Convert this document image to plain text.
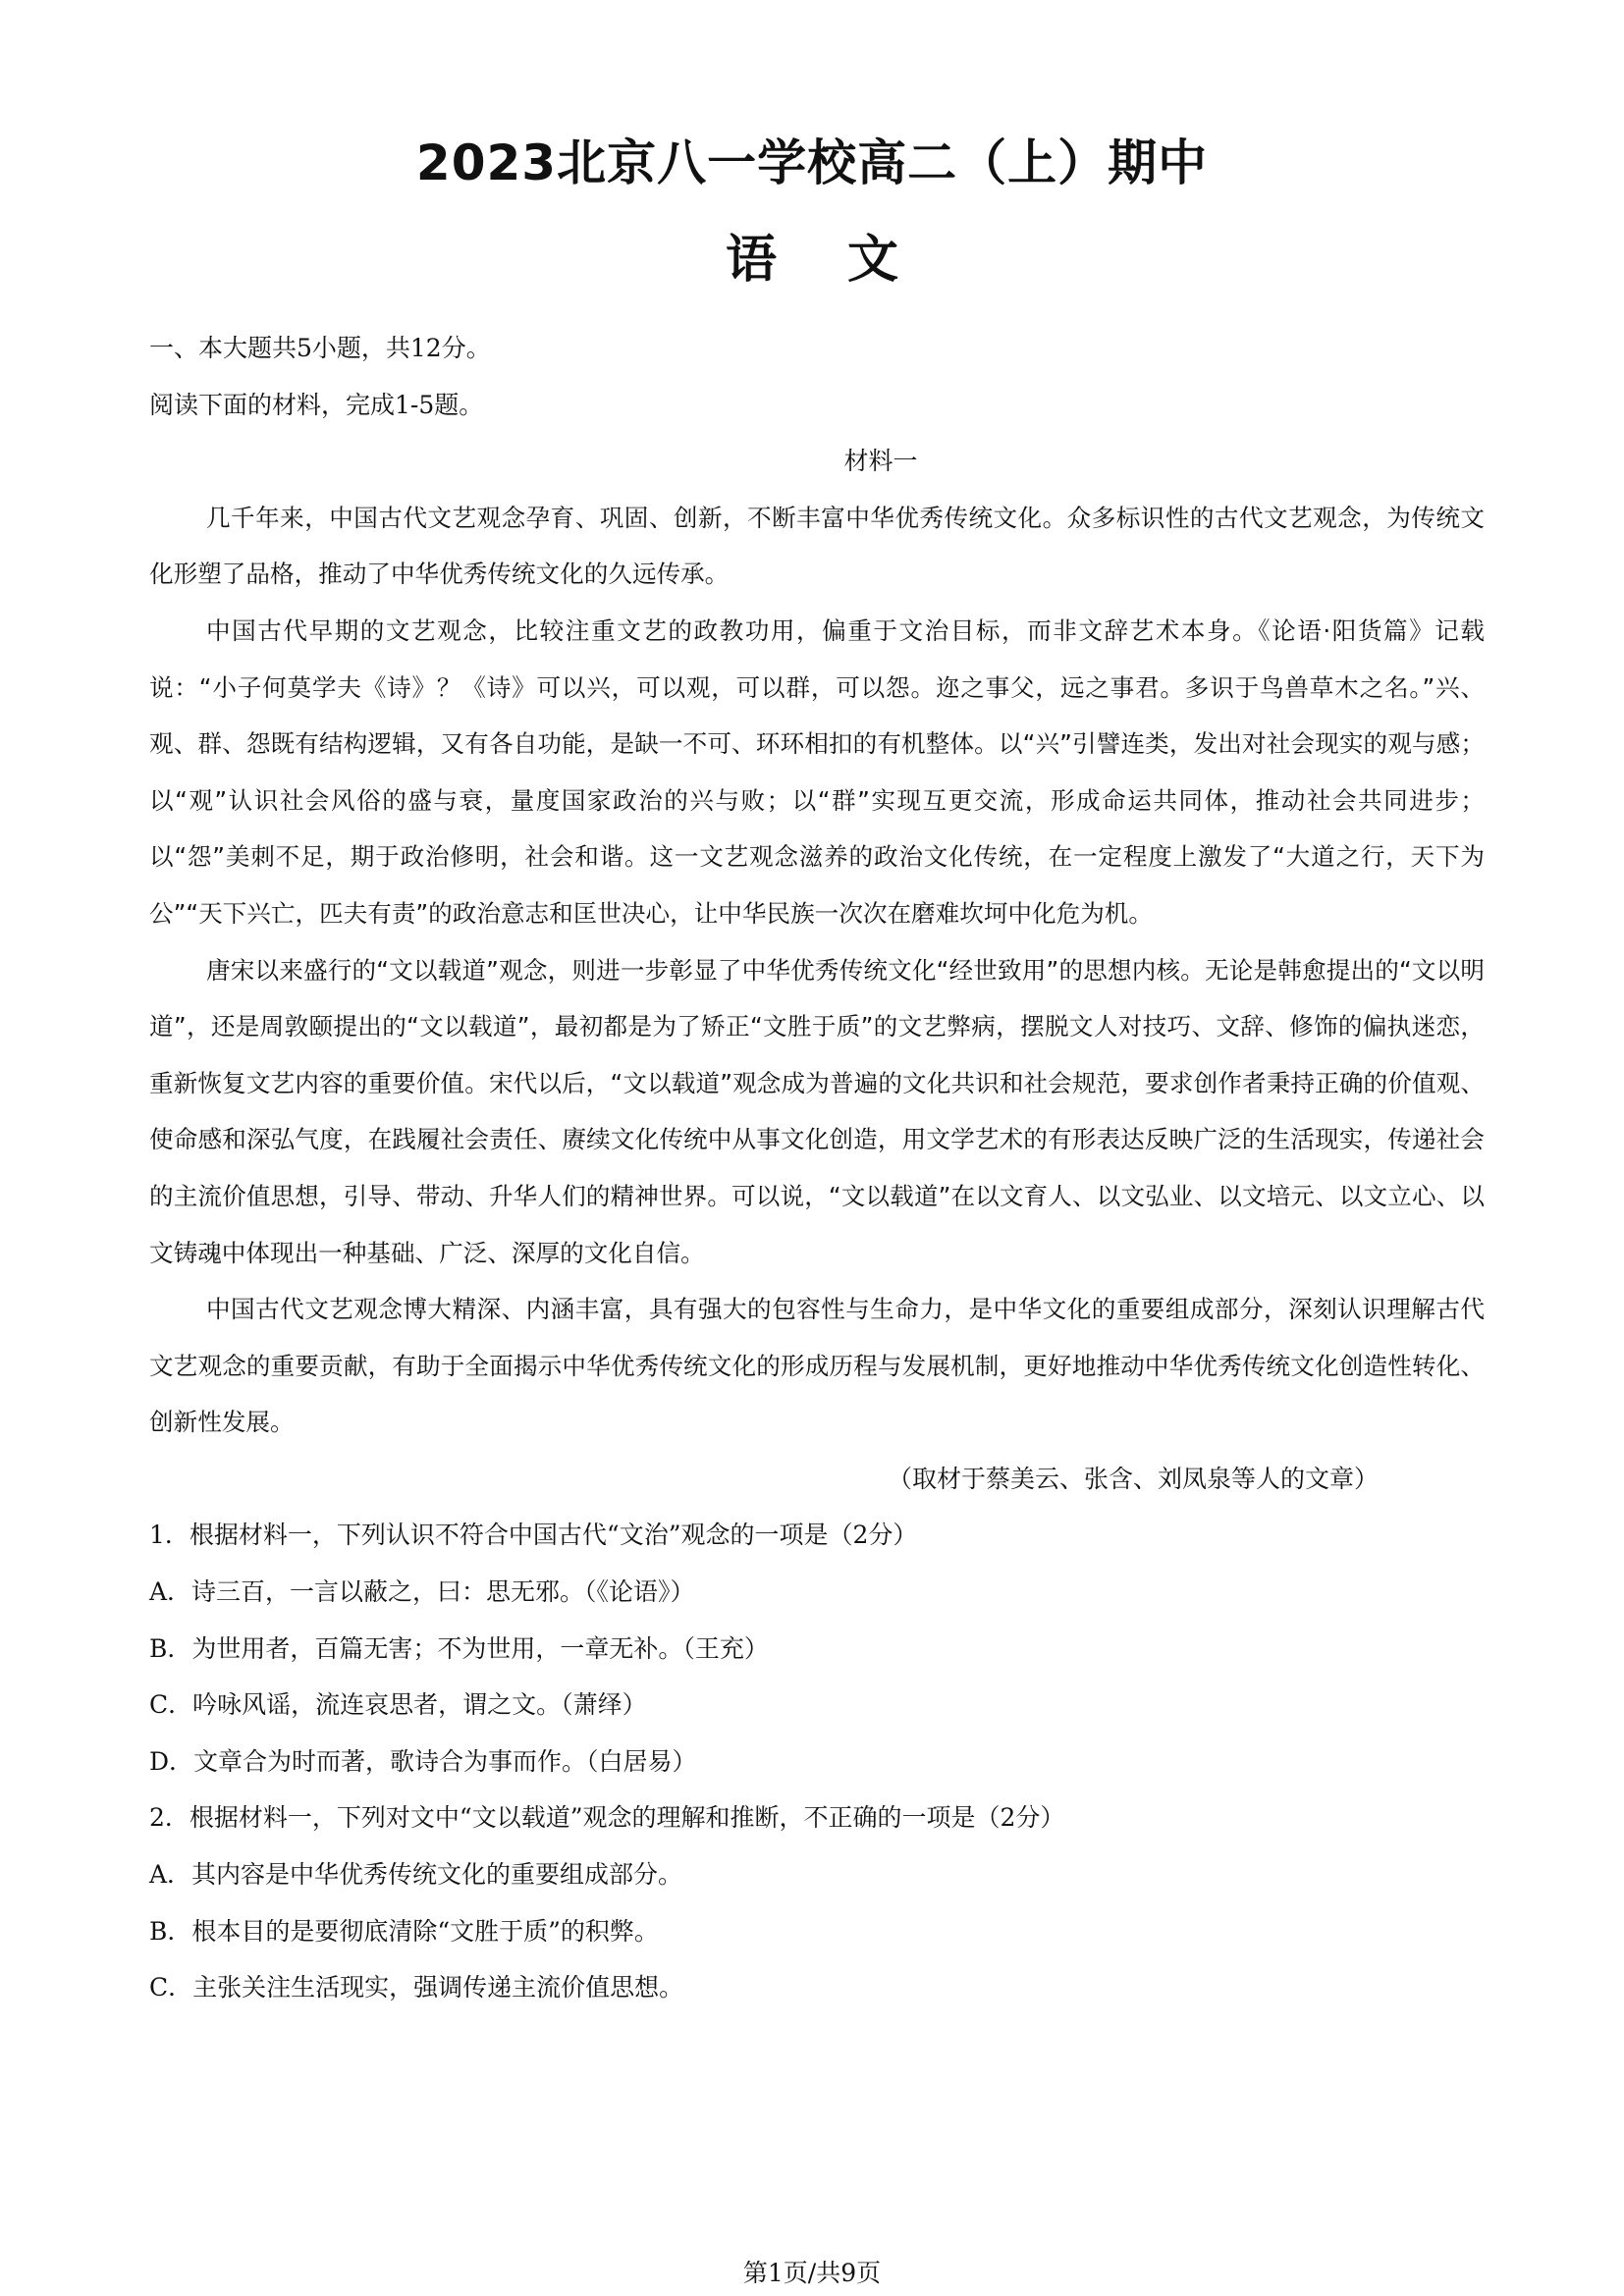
2023北京八一学校高二（上）期中
语文
一、本大题共5小题，共12分。
阅读下面的材料，完成1-5题。
材料一
几千年来，中国古代文艺观念孕育、巩固、创新，不断丰富中华优秀传统文化。众多标识性的古代文艺观念，为传统文化形塑了品格，推动了中华优秀传统文化的久远传承。
中国古代早期的文艺观念，比较注重文艺的政教功用，偏重于文治目标，而非文辞艺术本身。《论语·阳货篇》记载说：“小子何莫学夫《诗》？《诗》可以兴，可以观，可以群，可以怨。迩之事父，远之事君。多识于鸟兽草木之名。”兴、观、群、怨既有结构逻辑，又有各自功能，是缺一不可、环环相扣的有机整体。以“兴”引譬连类，发出对社会现实的观与感；以“观”认识社会风俗的盛与衰，量度国家政治的兴与败；以“群”实现互更交流，形成命运共同体，推动社会共同进步；以“怨”美刺不足，期于政治修明，社会和谐。这一文艺观念滋养的政治文化传统，在一定程度上激发了“大道之行，天下为公”“天下兴亡，匹夫有责”的政治意志和匡世决心，让中华民族一次次在磨难坎坷中化危为机。
唐宋以来盛行的“文以载道”观念，则进一步彰显了中华优秀传统文化“经世致用”的思想内核。无论是韩愈提出的“文以明道”，还是周敦颐提出的“文以载道”，最初都是为了矫正“文胜于质”的文艺弊病，摆脱文人对技巧、文辞、修饰的偏执迷恋，重新恢复文艺内容的重要价值。宋代以后，“文以载道”观念成为普遍的文化共识和社会规范，要求创作者秉持正确的价值观、使命感和深弘气度，在践履社会责任、赓续文化传统中从事文化创造，用文学艺术的有形表达反映广泛的生活现实，传递社会的主流价值思想，引导、带动、升华人们的精神世界。可以说，“文以载道”在以文育人、以文弘业、以文培元、以文立心、以文铸魂中体现出一种基础、广泛、深厚的文化自信。
中国古代文艺观念博大精深、内涵丰富，具有强大的包容性与生命力，是中华文化的重要组成部分，深刻认识理解古代文艺观念的重要贡献，有助于全面揭示中华优秀传统文化的形成历程与发展机制，更好地推动中华优秀传统文化创造性转化、创新性发展。
（取材于蔡美云、张含、刘凤泉等人的文章）
1．根据材料一，下列认识不符合中国古代“文治”观念的一项是（2分）
A．诗三百，一言以蔽之，曰：思无邪。（《论语》）
B．为世用者，百篇无害；不为世用，一章无补。（王充）
C．吟咏风谣，流连哀思者，谓之文。（萧绎）
D．文章合为时而著，歌诗合为事而作。（白居易）
2．根据材料一，下列对文中“文以载道”观念的理解和推断，不正确的一项是（2分）
A．其内容是中华优秀传统文化的重要组成部分。
B．根本目的是要彻底清除“文胜于质”的积弊。
C．主张关注生活现实，强调传递主流价值思想。
第1页/共9页
